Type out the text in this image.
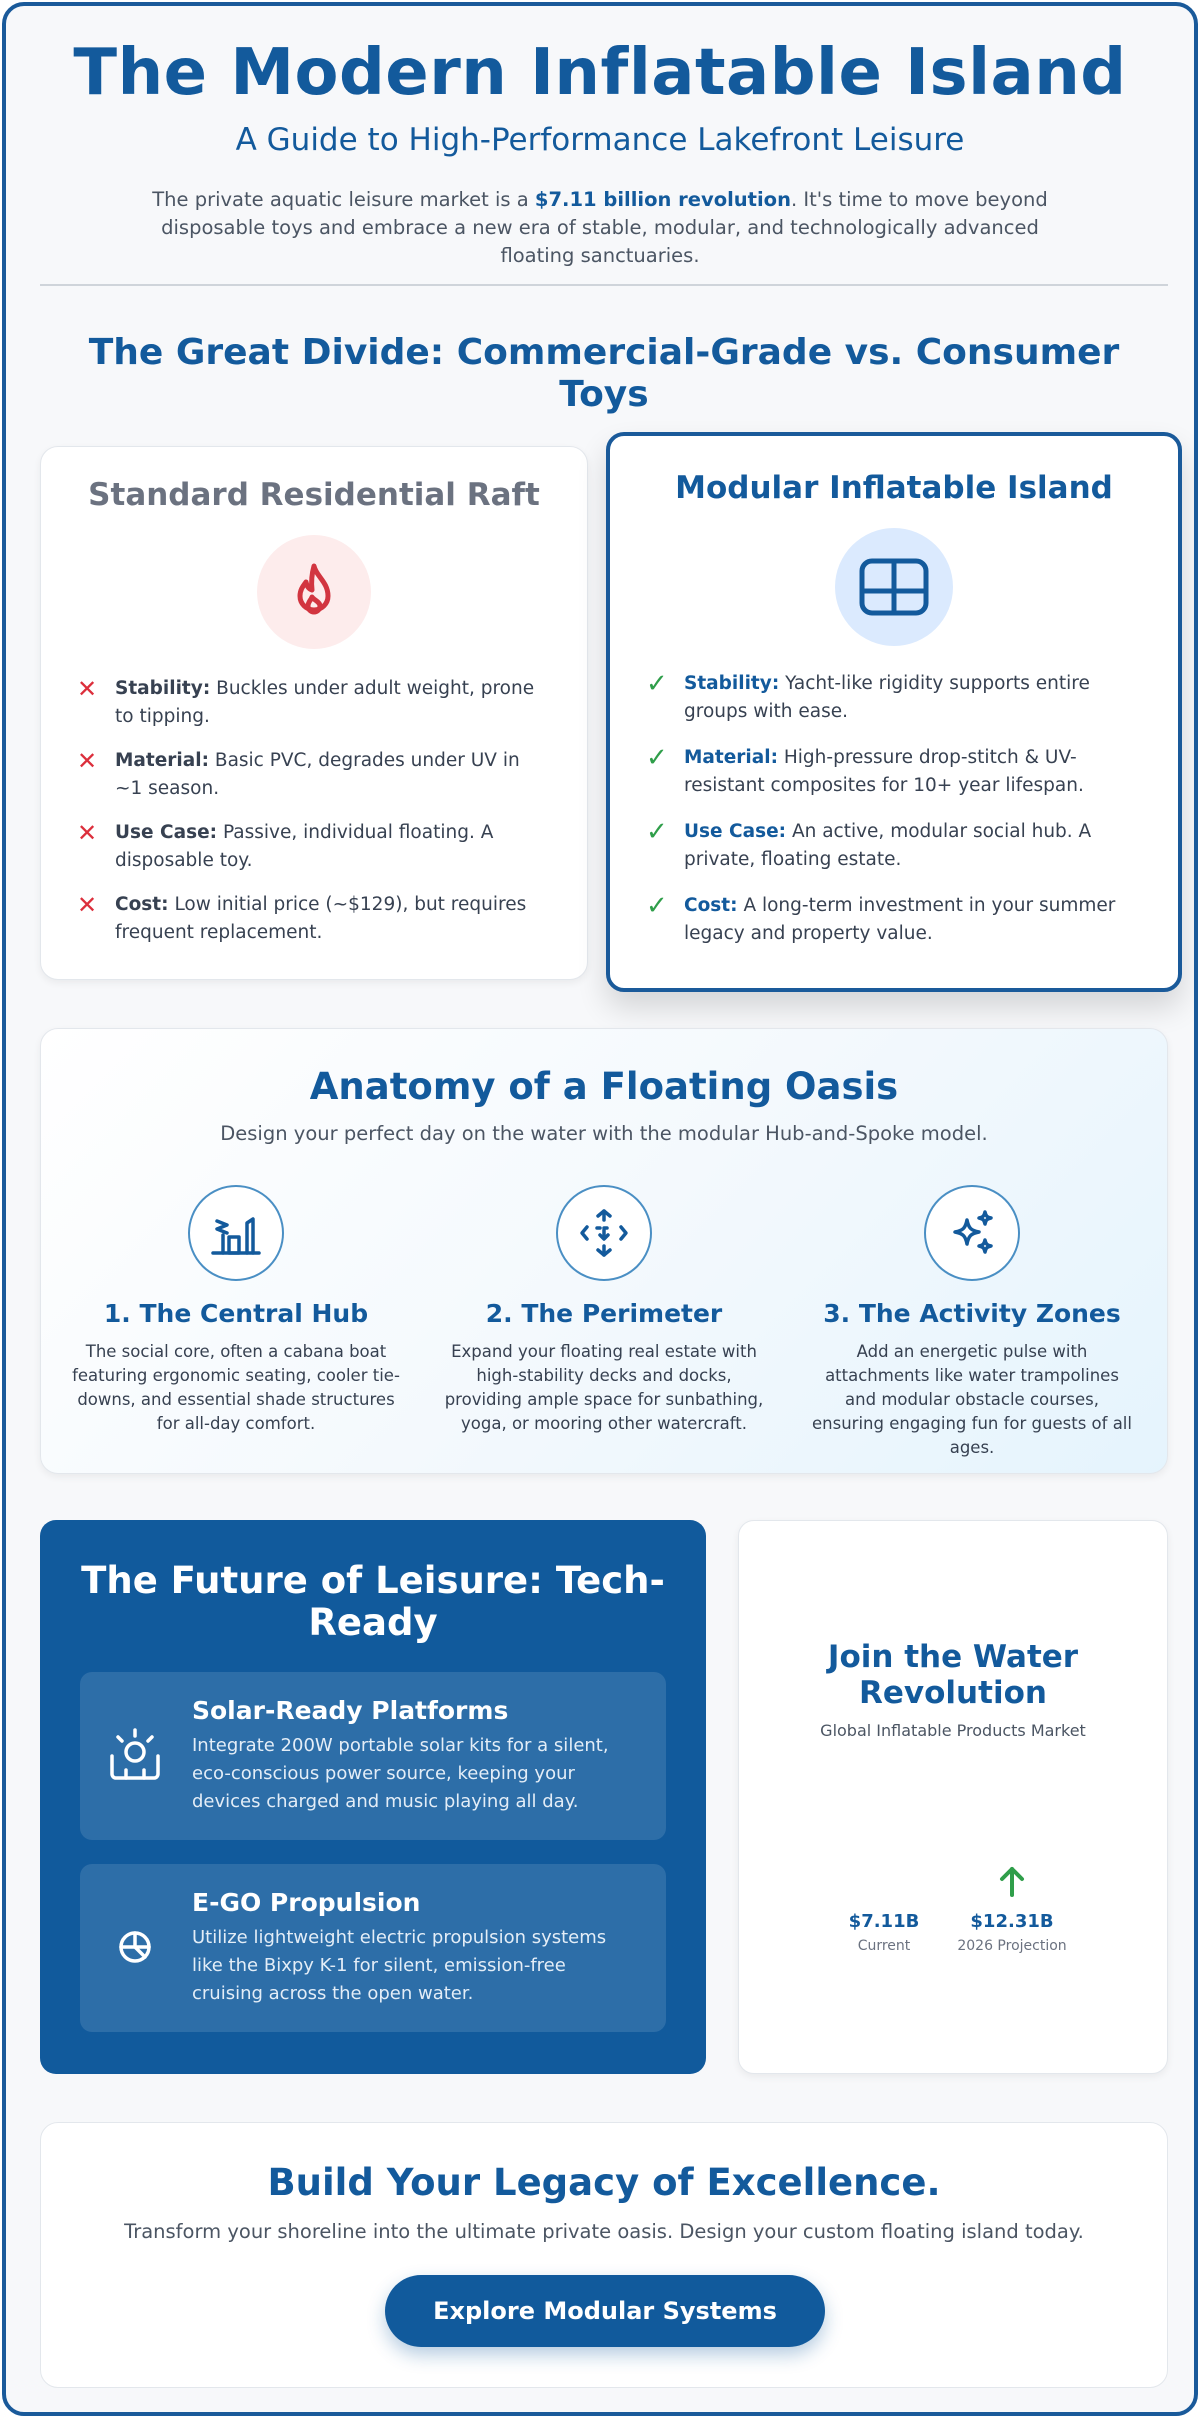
The Modern Inflatable Island
A Guide to High-Performance Lakefront Leisure

The private aquatic leisure market is a $7.11 billion revolution. It's time to move beyond disposable toys and embrace a new era of stable, modular, and technologically advanced floating sanctuaries.

The Great Divide: Commercial-Grade vs. Consumer Toys
Standard Residential Raft
✕ Stability: Buckles under adult weight, prone to tipping.
✕ Material: Basic PVC, degrades under UV in ~1 season.
✕ Use Case: Passive, individual floating. A disposable toy.
✕ Cost: Low initial price (~$129), but requires frequent replacement.
Modular Inflatable Island
✓ Stability: Yacht-like rigidity supports entire groups with ease.
✓ Material: High-pressure drop-stitch & UV-resistant composites for 10+ year lifespan.
✓ Use Case: An active, modular social hub. A private, floating estate.
✓ Cost: A long-term investment in your summer legacy and property value.
Anatomy of a Floating Oasis

Design your perfect day on the water with the modular Hub-and-Spoke model.

1. The Central Hub

The social core, often a cabana boat featuring ergonomic seating, cooler tie-downs, and essential shade structures for all-day comfort.

2. The Perimeter

Expand your floating real estate with high-stability decks and docks, providing ample space for sunbathing, yoga, or mooring other watercraft.

3. The Activity Zones

Add an energetic pulse with attachments like water trampolines and modular obstacle courses, ensuring engaging fun for guests of all ages.

The Future of Leisure: Tech-Ready
Solar-Ready Platforms

Integrate 200W portable solar kits for a silent, eco-conscious power source, keeping your devices charged and music playing all day.

E-GO Propulsion

Utilize lightweight electric propulsion systems like the Bixpy K-1 for silent, emission-free cruising across the open water.

Join the Water Revolution

Global Inflatable Products Market

$7.11B
Current
$12.31B
2026 Projection
Build Your Legacy of Excellence.

Transform your shoreline into the ultimate private oasis. Design your custom floating island today.

Explore Modular Systems
